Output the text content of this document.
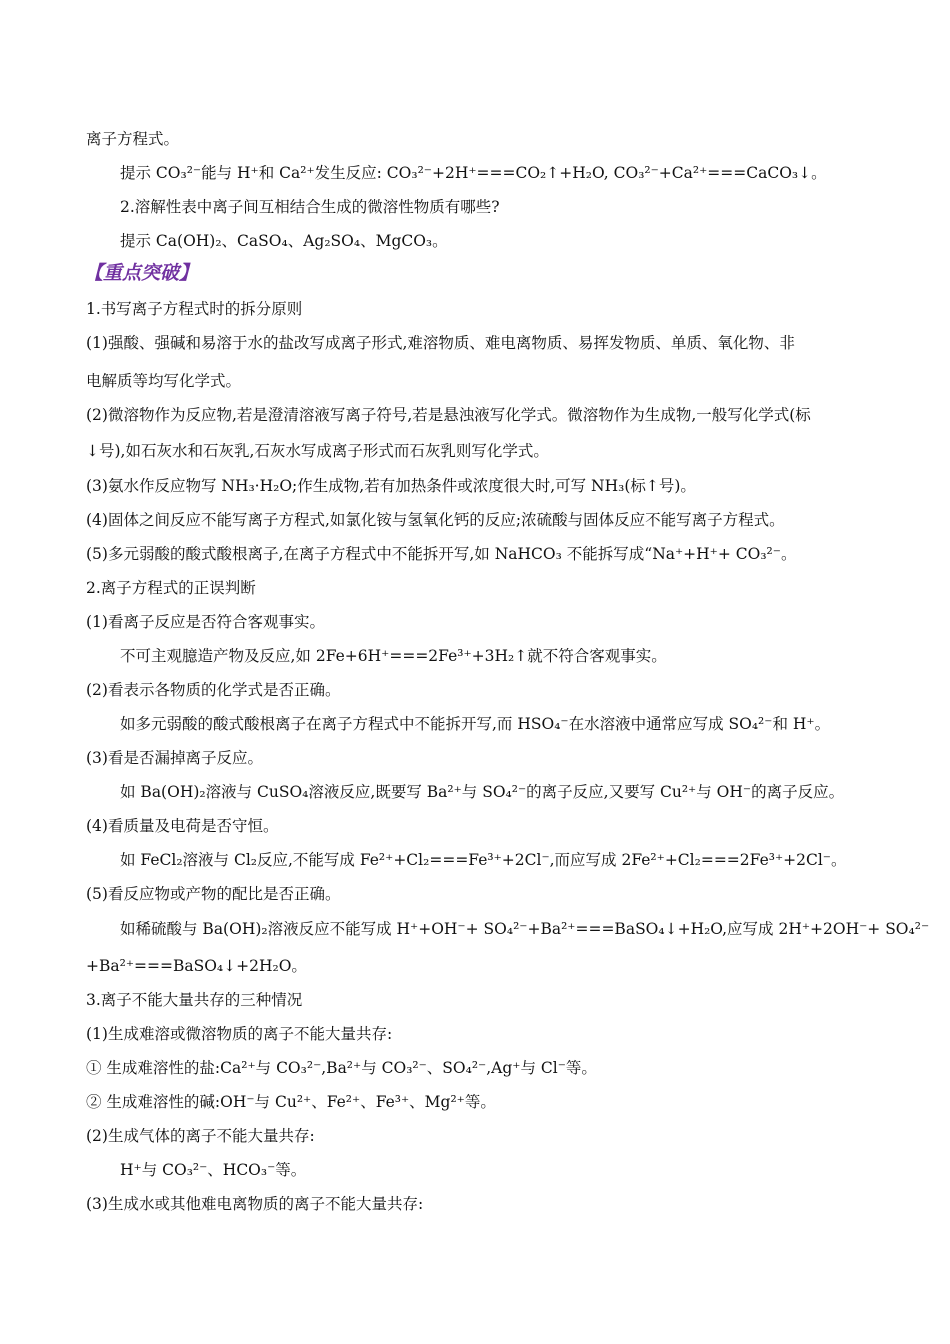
离子方程式。
提示 CO₃²⁻能与 H⁺和 Ca²⁺发生反应: CO₃²⁻+2H⁺===CO₂↑+H₂O, CO₃²⁻+Ca²⁺===CaCO₃↓。
2.溶解性表中离子间互相结合生成的微溶性物质有哪些?
提示 Ca(OH)₂、CaSO₄、Ag₂SO₄、MgCO₃。
【重点突破】
1.书写离子方程式时的拆分原则
(1)强酸、强碱和易溶于水的盐改写成离子形式,难溶物质、难电离物质、易挥发物质、单质、氧化物、非
电解质等均写化学式。
(2)微溶物作为反应物,若是澄清溶液写离子符号,若是悬浊液写化学式。微溶物作为生成物,一般写化学式(标
↓号),如石灰水和石灰乳,石灰水写成离子形式而石灰乳则写化学式。
(3)氨水作反应物写 NH₃·H₂O;作生成物,若有加热条件或浓度很大时,可写 NH₃(标↑号)。
(4)固体之间反应不能写离子方程式,如氯化铵与氢氧化钙的反应;浓硫酸与固体反应不能写离子方程式。
(5)多元弱酸的酸式酸根离子,在离子方程式中不能拆开写,如 NaHCO₃ 不能拆写成“Na⁺+H⁺+ CO₃²⁻。
2.离子方程式的正误判断
(1)看离子反应是否符合客观事实。
不可主观臆造产物及反应,如 2Fe+6H⁺===2Fe³⁺+3H₂↑就不符合客观事实。
(2)看表示各物质的化学式是否正确。
如多元弱酸的酸式酸根离子在离子方程式中不能拆开写,而 HSO₄⁻在水溶液中通常应写成 SO₄²⁻和 H⁺。
(3)看是否漏掉离子反应。
如 Ba(OH)₂溶液与 CuSO₄溶液反应,既要写 Ba²⁺与 SO₄²⁻的离子反应,又要写 Cu²⁺与 OH⁻的离子反应。
(4)看质量及电荷是否守恒。
如 FeCl₂溶液与 Cl₂反应,不能写成 Fe²⁺+Cl₂===Fe³⁺+2Cl⁻,而应写成 2Fe²⁺+Cl₂===2Fe³⁺+2Cl⁻。
(5)看反应物或产物的配比是否正确。
如稀硫酸与 Ba(OH)₂溶液反应不能写成 H⁺+OH⁻+ SO₄²⁻+Ba²⁺===BaSO₄↓+H₂O,应写成 2H⁺+2OH⁻+ SO₄²⁻
+Ba²⁺===BaSO₄↓+2H₂O。
3.离子不能大量共存的三种情况
(1)生成难溶或微溶物质的离子不能大量共存:
① 生成难溶性的盐:Ca²⁺与 CO₃²⁻,Ba²⁺与 CO₃²⁻、SO₄²⁻,Ag⁺与 Cl⁻等。
② 生成难溶性的碱:OH⁻与 Cu²⁺、Fe²⁺、Fe³⁺、Mg²⁺等。
(2)生成气体的离子不能大量共存:
H⁺与 CO₃²⁻、HCO₃⁻等。
(3)生成水或其他难电离物质的离子不能大量共存:
